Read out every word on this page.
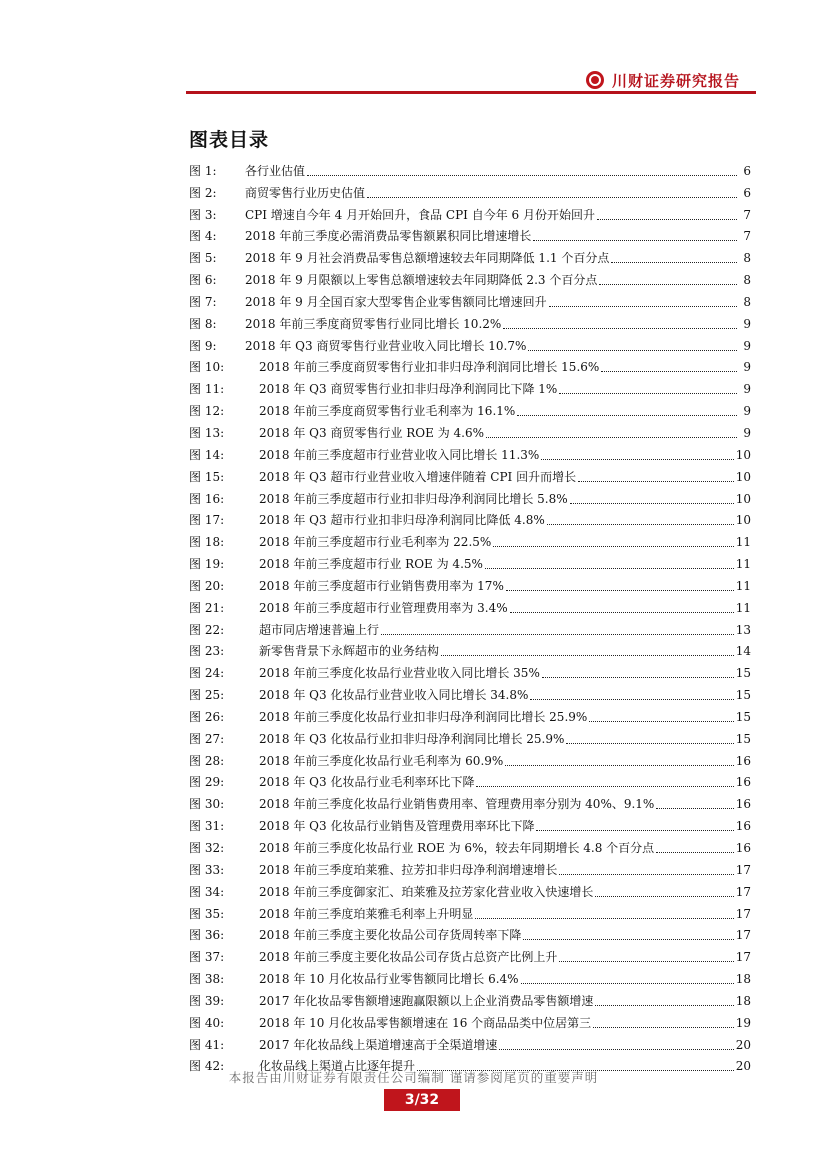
川财证券研究报告
图表目录
图 1:	各行业估值	6
图 2:	商贸零售行业历史估值	6
图 3:	CPI 增速自今年 4 月开始回升，食品 CPI 自今年 6 月份开始回升	7
图 4:	2018 年前三季度必需消费品零售额累积同比增速增长	7
图 5:	2018 年 9 月社会消费品零售总额增速较去年同期降低 1.1 个百分点	8
图 6:	2018 年 9 月限额以上零售总额增速较去年同期降低 2.3 个百分点	8
图 7:	2018 年 9 月全国百家大型零售企业零售额同比增速回升	8
图 8:	2018 年前三季度商贸零售行业同比增长 10.2%	9
图 9:	2018 年 Q3 商贸零售行业营业收入同比增长 10.7%	9
图 10:	2018 年前三季度商贸零售行业扣非归母净利润同比增长 15.6%	9
图 11:	2018 年 Q3 商贸零售行业扣非归母净利润同比下降 1%	9
图 12:	2018 年前三季度商贸零售行业毛利率为 16.1%	9
图 13:	2018 年 Q3 商贸零售行业 ROE 为 4.6%	9
图 14:	2018 年前三季度超市行业营业收入同比增长 11.3%	10
图 15:	2018 年 Q3 超市行业营业收入增速伴随着 CPI 回升而增长	10
图 16:	2018 年前三季度超市行业扣非归母净利润同比增长 5.8%	10
图 17:	2018 年 Q3 超市行业扣非归母净利润同比降低 4.8%	10
图 18:	2018 年前三季度超市行业毛利率为 22.5%	11
图 19:	2018 年前三季度超市行业 ROE 为 4.5%	11
图 20:	2018 年前三季度超市行业销售费用率为 17%	11
图 21:	2018 年前三季度超市行业管理费用率为 3.4%	11
图 22:	超市同店增速普遍上行	13
图 23:	新零售背景下永辉超市的业务结构	14
图 24:	2018 年前三季度化妆品行业营业收入同比增长 35%	15
图 25:	2018 年 Q3 化妆品行业营业收入同比增长 34.8%	15
图 26:	2018 年前三季度化妆品行业扣非归母净利润同比增长 25.9%	15
图 27:	2018 年 Q3 化妆品行业扣非归母净利润同比增长 25.9%	15
图 28:	2018 年前三季度化妆品行业毛利率为 60.9%	16
图 29:	2018 年 Q3 化妆品行业毛利率环比下降	16
图 30:	2018 年前三季度化妆品行业销售费用率、管理费用率分别为 40%、9.1%	16
图 31:	2018 年 Q3 化妆品行业销售及管理费用率环比下降	16
图 32:	2018 年前三季度化妆品行业 ROE 为 6%，较去年同期增长 4.8 个百分点	16
图 33:	2018 年前三季度珀莱雅、拉芳扣非归母净利润增速增长	17
图 34:	2018 年前三季度御家汇、珀莱雅及拉芳家化营业收入快速增长	17
图 35:	2018 年前三季度珀莱雅毛利率上升明显	17
图 36:	2018 年前三季度主要化妆品公司存货周转率下降	17
图 37:	2018 年前三季度主要化妆品公司存货占总资产比例上升	17
图 38:	2018 年 10 月化妆品行业零售额同比增长 6.4%	18
图 39:	2017 年化妆品零售额增速跑赢限额以上企业消费品零售额增速	18
图 40:	2018 年 10 月化妆品零售额增速在 16 个商品品类中位居第三	19
图 41:	2017 年化妆品线上渠道增速高于全渠道增速	20
图 42:	化妆品线上渠道占比逐年提升	20
本报告由川财证券有限责任公司编制 谨请参阅尾页的重要声明
3/32
